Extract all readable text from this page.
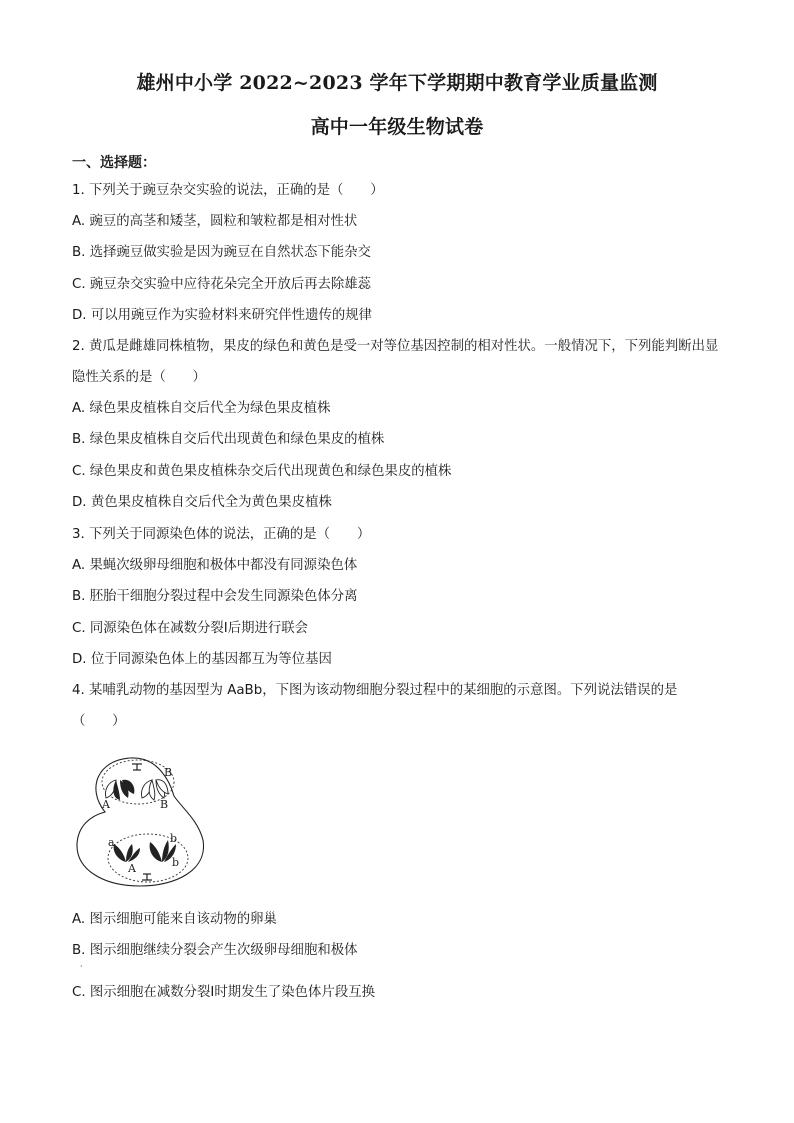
雄州中小学 2022~2023 学年下学期期中教育学业质量监测
高中一年级生物试卷
一、选择题：
1. 下列关于豌豆杂交实验的说法，正确的是（　　）
A. 豌豆的高茎和矮茎，圆粒和皱粒都是相对性状
B. 选择豌豆做实验是因为豌豆在自然状态下能杂交
C. 豌豆杂交实验中应待花朵完全开放后再去除雄蕊
D. 可以用豌豆作为实验材料来研究伴性遗传的规律
2. 黄瓜是雌雄同株植物，果皮的绿色和黄色是受一对等位基因控制的相对性状。一般情况下，下列能判断出显隐性关系的是（　　）
A. 绿色果皮植株自交后代全为绿色果皮植株
B. 绿色果皮植株自交后代出现黄色和绿色果皮的植株
C. 绿色果皮和黄色果皮植株杂交后代出现黄色和绿色果皮的植株
D. 黄色果皮植株自交后代全为黄色果皮植株
3. 下列关于同源染色体的说法，正确的是（　　）
A. 果蝇次级卵母细胞和极体中都没有同源染色体
B. 胚胎干细胞分裂过程中会发生同源染色体分离
C. 同源染色体在减数分裂Ⅰ后期进行联会
D. 位于同源染色体上的基因都互为等位基因
4. 某哺乳动物的基因型为 AaBb，下图为该动物细胞分裂过程中的某细胞的示意图。下列说法错误的是（　　）
a
A
B
B
a
A
b
b
A. 图示细胞可能来自该动物的卵巢
B. 图示细胞继续分裂会产生次级卵母细胞和极体
·
C. 图示细胞在减数分裂Ⅰ时期发生了染色体片段互换
